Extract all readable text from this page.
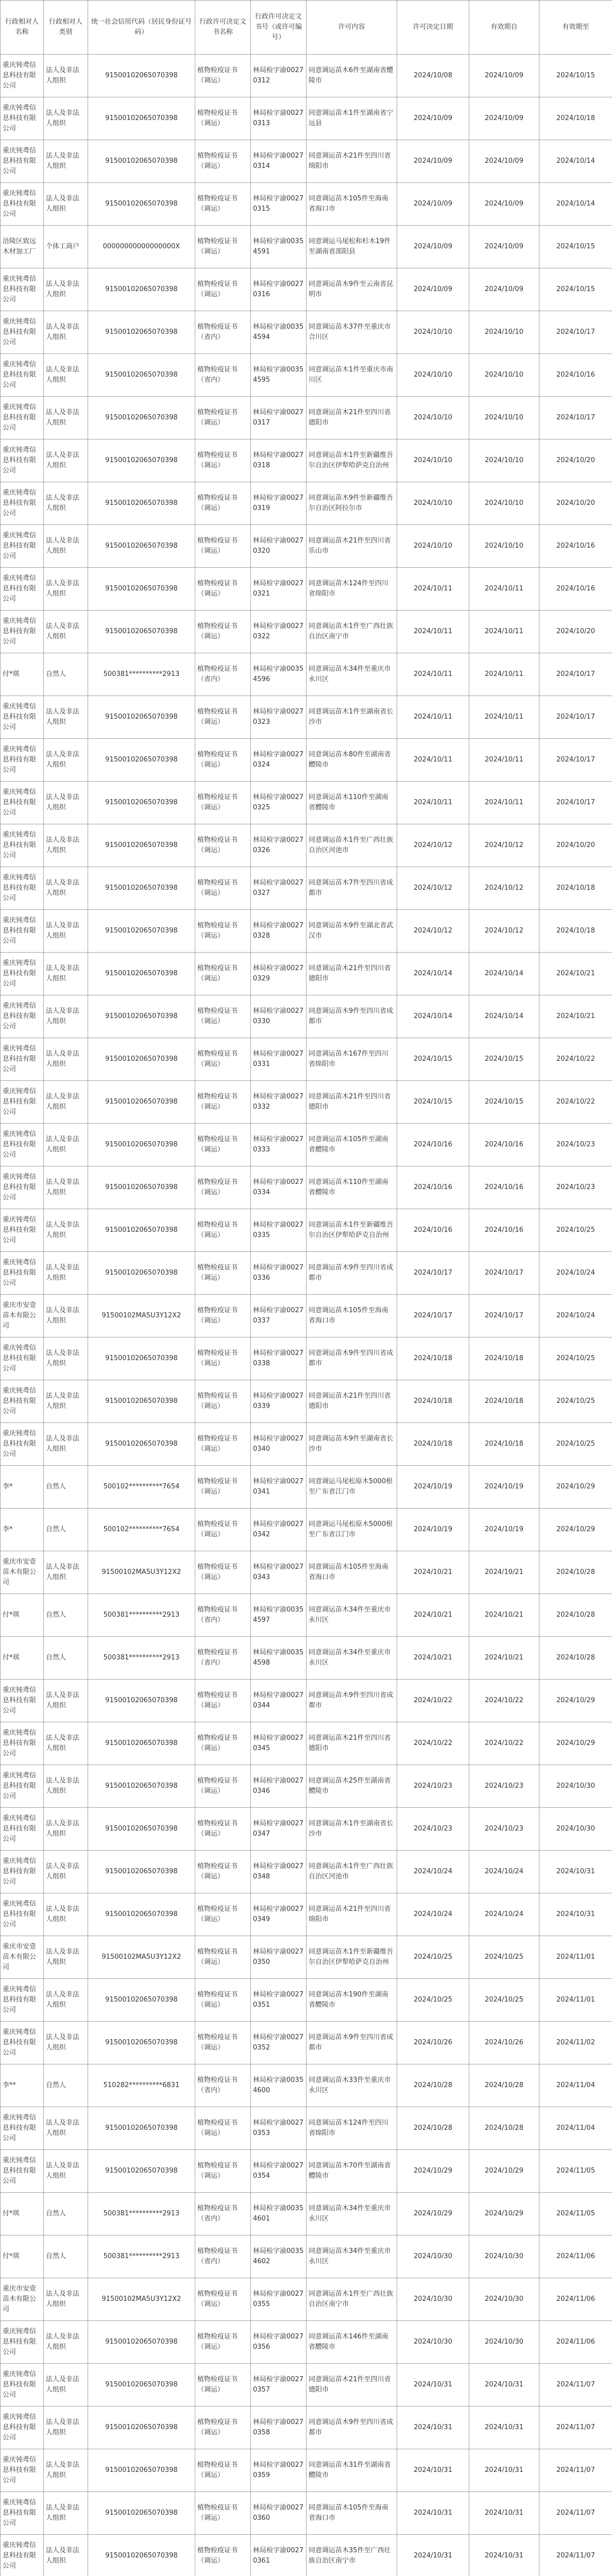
行政相对人名称	行政相对人类别	统一社会信用代码（居民身份证号码）	行政许可决定文书名称	行政许可决定文书号（或许可编号）	许可内容	许可决定日期	有效期自	有效期至
重庆钝鸢信息科技有限公司	法人及非法人组织	91500102065070398	植物检疫证书（调运）	林局检字渝00270312	同意调运苗木6件至湖南省醴陵市	2024/10/08	2024/10/09	2024/10/15
重庆钝鸢信息科技有限公司	法人及非法人组织	91500102065070398	植物检疫证书（调运）	林局检字渝00270313	同意调运苗木1件至湖南省宁远县	2024/10/09	2024/10/09	2024/10/18
重庆钝鸢信息科技有限公司	法人及非法人组织	91500102065070398	植物检疫证书（调运）	林局检字渝00270314	同意调运苗木21件至四川省绵阳市	2024/10/09	2024/10/09	2024/10/14
重庆钝鸢信息科技有限公司	法人及非法人组织	91500102065070398	植物检疫证书（调运）	林局检字渝00270315	同意调运苗木105件至海南省海口市	2024/10/09	2024/10/09	2024/10/14
涪陵区致远木材加工厂	个体工商户	00000000000000000X	植物检疫证书（调运）	林局检字渝00354591	同意调运马尾松和杉木19件至湖南省邵阳县	2024/10/09	2024/10/09	2024/10/15
重庆钝鸢信息科技有限公司	法人及非法人组织	91500102065070398	植物检疫证书（调运）	林局检字渝00270316	同意调运苗木9件至云南省昆明市	2024/10/09	2024/10/09	2024/10/15
重庆钝鸢信息科技有限公司	法人及非法人组织	91500102065070398	植物检疫证书（省内）	林局检字渝00354594	同意调运苗木37件至重庆市合川区	2024/10/10	2024/10/10	2024/10/17
重庆钝鸢信息科技有限公司	法人及非法人组织	91500102065070398	植物检疫证书（省内）	林局检字渝00354595	同意调运苗木1件至重庆市南川区	2024/10/10	2024/10/10	2024/10/16
重庆钝鸢信息科技有限公司	法人及非法人组织	91500102065070398	植物检疫证书（调运）	林局检字渝00270317	同意调运苗木21件至四川省德阳市	2024/10/10	2024/10/10	2024/10/17
重庆钝鸢信息科技有限公司	法人及非法人组织	91500102065070398	植物检疫证书（调运）	林局检字渝00270318	同意调运苗木1件至新疆维吾尔自治区伊犁哈萨克自治州	2024/10/10	2024/10/10	2024/10/20
重庆钝鸢信息科技有限公司	法人及非法人组织	91500102065070398	植物检疫证书（调运）	林局检字渝00270319	同意调运苗木9件至新疆维吾尔自治区阿拉尔市	2024/10/10	2024/10/10	2024/10/20
重庆钝鸢信息科技有限公司	法人及非法人组织	91500102065070398	植物检疫证书（调运）	林局检字渝00270320	同意调运苗木21件至四川省乐山市	2024/10/10	2024/10/10	2024/10/16
重庆钝鸢信息科技有限公司	法人及非法人组织	91500102065070398	植物检疫证书（调运）	林局检字渝00270321	同意调运苗木124件至四川省绵阳市	2024/10/11	2024/10/11	2024/10/16
重庆钝鸢信息科技有限公司	法人及非法人组织	91500102065070398	植物检疫证书（调运）	林局检字渝00270322	同意调运苗木1件至广西壮族自治区南宁市	2024/10/11	2024/10/11	2024/10/20
付*琪	自然人	500381**********2913	植物检疫证书（省内）	林局检字渝00354596	同意调运苗木34件至重庆市永川区	2024/10/11	2024/10/11	2024/10/17
重庆钝鸢信息科技有限公司	法人及非法人组织	91500102065070398	植物检疫证书（调运）	林局检字渝00270323	同意调运苗木1件至湖南省长沙市	2024/10/11	2024/10/11	2024/10/17
重庆钝鸢信息科技有限公司	法人及非法人组织	91500102065070398	植物检疫证书（调运）	林局检字渝00270324	同意调运苗木80件至湖南省醴陵市	2024/10/11	2024/10/11	2024/10/17
重庆钝鸢信息科技有限公司	法人及非法人组织	91500102065070398	植物检疫证书（调运）	林局检字渝00270325	同意调运苗木110件至湖南省醴陵市	2024/10/11	2024/10/11	2024/10/17
重庆钝鸢信息科技有限公司	法人及非法人组织	91500102065070398	植物检疫证书（调运）	林局检字渝00270326	同意调运苗木1件至广西壮族自治区河池市	2024/10/12	2024/10/12	2024/10/20
重庆钝鸢信息科技有限公司	法人及非法人组织	91500102065070398	植物检疫证书（调运）	林局检字渝00270327	同意调运苗木7件至四川省成都市	2024/10/12	2024/10/12	2024/10/18
重庆钝鸢信息科技有限公司	法人及非法人组织	91500102065070398	植物检疫证书（调运）	林局检字渝00270328	同意调运苗木9件至湖北省武汉市	2024/10/12	2024/10/12	2024/10/18
重庆钝鸢信息科技有限公司	法人及非法人组织	91500102065070398	植物检疫证书（调运）	林局检字渝00270329	同意调运苗木21件至四川省德阳市	2024/10/14	2024/10/14	2024/10/21
重庆钝鸢信息科技有限公司	法人及非法人组织	91500102065070398	植物检疫证书（调运）	林局检字渝00270330	同意调运苗木9件至四川省成都市	2024/10/14	2024/10/14	2024/10/21
重庆钝鸢信息科技有限公司	法人及非法人组织	91500102065070398	植物检疫证书（调运）	林局检字渝00270331	同意调运苗木167件至四川省绵阳市	2024/10/15	2024/10/15	2024/10/22
重庆钝鸢信息科技有限公司	法人及非法人组织	91500102065070398	植物检疫证书（调运）	林局检字渝00270332	同意调运苗木21件至四川省德阳市	2024/10/15	2024/10/15	2024/10/22
重庆钝鸢信息科技有限公司	法人及非法人组织	91500102065070398	植物检疫证书（调运）	林局检字渝00270333	同意调运苗木105件至湖南省醴陵市	2024/10/16	2024/10/16	2024/10/23
重庆钝鸢信息科技有限公司	法人及非法人组织	91500102065070398	植物检疫证书（调运）	林局检字渝00270334	同意调运苗木110件至湖南省醴陵市	2024/10/16	2024/10/16	2024/10/23
重庆钝鸢信息科技有限公司	法人及非法人组织	91500102065070398	植物检疫证书（调运）	林局检字渝00270335	同意调运苗木1件至新疆维吾尔自治区伊犁哈萨克自治州	2024/10/16	2024/10/16	2024/10/25
重庆钝鸢信息科技有限公司	法人及非法人组织	91500102065070398	植物检疫证书（调运）	林局检字渝00270336	同意调运苗木9件至四川省成都市	2024/10/17	2024/10/17	2024/10/24
重庆市安壹苗木有限公司	法人及非法人组织	91500102MA5U3Y12X2	植物检疫证书（调运）	林局检字渝00270337	同意调运苗木105件至海南省海口市	2024/10/17	2024/10/17	2024/10/24
重庆钝鸢信息科技有限公司	法人及非法人组织	91500102065070398	植物检疫证书（调运）	林局检字渝00270338	同意调运苗木9件至四川省成都市	2024/10/18	2024/10/18	2024/10/25
重庆钝鸢信息科技有限公司	法人及非法人组织	91500102065070398	植物检疫证书（调运）	林局检字渝00270339	同意调运苗木21件至四川省德阳市	2024/10/18	2024/10/18	2024/10/25
重庆钝鸢信息科技有限公司	法人及非法人组织	91500102065070398	植物检疫证书（调运）	林局检字渝00270340	同意调运苗木9件至湖南省长沙市	2024/10/18	2024/10/18	2024/10/25
李*	自然人	500102**********7654	植物检疫证书（调运）	林局检字渝00270341	同意调运马尾松原木5000根至广东省江门市	2024/10/19	2024/10/19	2024/10/29
李*	自然人	500102**********7654	植物检疫证书（调运）	林局检字渝00270342	同意调运马尾松原木5000根至广东省江门市	2024/10/19	2024/10/19	2024/10/29
重庆市安壹苗木有限公司	法人及非法人组织	91500102MA5U3Y12X2	植物检疫证书（调运）	林局检字渝00270343	同意调运苗木105件至海南省海口市	2024/10/21	2024/10/21	2024/10/28
付*琪	自然人	500381**********2913	植物检疫证书（省内）	林局检字渝00354597	同意调运苗木34件至重庆市永川区	2024/10/21	2024/10/21	2024/10/28
付*琪	自然人	500381**********2913	植物检疫证书（省内）	林局检字渝00354598	同意调运苗木34件至重庆市永川区	2024/10/21	2024/10/21	2024/10/28
重庆钝鸢信息科技有限公司	法人及非法人组织	91500102065070398	植物检疫证书（调运）	林局检字渝00270344	同意调运苗木9件至四川省成都市	2024/10/22	2024/10/22	2024/10/29
重庆钝鸢信息科技有限公司	法人及非法人组织	91500102065070398	植物检疫证书（调运）	林局检字渝00270345	同意调运苗木21件至四川省德阳市	2024/10/22	2024/10/22	2024/10/29
重庆钝鸢信息科技有限公司	法人及非法人组织	91500102065070398	植物检疫证书（调运）	林局检字渝00270346	同意调运苗木25件至湖南省醴陵市	2024/10/23	2024/10/23	2024/10/30
重庆钝鸢信息科技有限公司	法人及非法人组织	91500102065070398	植物检疫证书（调运）	林局检字渝00270347	同意调运苗木1件至湖南省长沙市	2024/10/23	2024/10/23	2024/10/30
重庆钝鸢信息科技有限公司	法人及非法人组织	91500102065070398	植物检疫证书（调运）	林局检字渝00270348	同意调运苗木1件至广西壮族自治区河池市	2024/10/24	2024/10/24	2024/10/31
重庆钝鸢信息科技有限公司	法人及非法人组织	91500102065070398	植物检疫证书（调运）	林局检字渝00270349	同意调运苗木21件至四川省绵阳市	2024/10/24	2024/10/24	2024/10/31
重庆市安壹苗木有限公司	法人及非法人组织	91500102MA5U3Y12X2	植物检疫证书（调运）	林局检字渝00270350	同意调运苗木1件至新疆维吾尔自治区伊犁哈萨克自治州	2024/10/25	2024/10/25	2024/11/01
重庆钝鸢信息科技有限公司	法人及非法人组织	91500102065070398	植物检疫证书（调运）	林局检字渝00270351	同意调运苗木190件至湖南省醴陵市	2024/10/25	2024/10/25	2024/11/01
重庆钝鸢信息科技有限公司	法人及非法人组织	91500102065070398	植物检疫证书（调运）	林局检字渝00270352	同意调运苗木9件至四川省成都市	2024/10/26	2024/10/26	2024/11/02
李**	自然人	510282**********6831	植物检疫证书（省内）	林局检字渝00354600	同意调运苗木33件至重庆市永川区	2024/10/28	2024/10/28	2024/11/04
重庆钝鸢信息科技有限公司	法人及非法人组织	91500102065070398	植物检疫证书（调运）	林局检字渝00270353	同意调运苗木124件至四川省绵阳市	2024/10/28	2024/10/28	2024/11/04
重庆钝鸢信息科技有限公司	法人及非法人组织	91500102065070398	植物检疫证书（调运）	林局检字渝00270354	同意调运苗木70件至湖南省醴陵市	2024/10/29	2024/10/29	2024/11/05
付*琪	自然人	500381**********2913	植物检疫证书（省内）	林局检字渝00354601	同意调运苗木34件至重庆市永川区	2024/10/29	2024/10/29	2024/11/05
付*琪	自然人	500381**********2913	植物检疫证书（省内）	林局检字渝00354602	同意调运苗木34件至重庆市永川区	2024/10/30	2024/10/30	2024/11/06
重庆市安壹苗木有限公司	法人及非法人组织	91500102MA5U3Y12X2	植物检疫证书（调运）	林局检字渝00270355	同意调运苗木1件至广西壮族自治区南宁市	2024/10/30	2024/10/30	2024/11/06
重庆钝鸢信息科技有限公司	法人及非法人组织	91500102065070398	植物检疫证书（调运）	林局检字渝00270356	同意调运苗木146件至湖南省醴陵市	2024/10/30	2024/10/30	2024/11/06
重庆钝鸢信息科技有限公司	法人及非法人组织	91500102065070398	植物检疫证书（调运）	林局检字渝00270357	同意调运苗木21件至四川省德阳市	2024/10/31	2024/10/31	2024/11/07
重庆钝鸢信息科技有限公司	法人及非法人组织	91500102065070398	植物检疫证书（调运）	林局检字渝00270358	同意调运苗木9件至四川省成都市	2024/10/31	2024/10/31	2024/11/07
重庆钝鸢信息科技有限公司	法人及非法人组织	91500102065070398	植物检疫证书（调运）	林局检字渝00270359	同意调运苗木31件至湖南省醴陵市	2024/10/31	2024/10/31	2024/11/07
重庆钝鸢信息科技有限公司	法人及非法人组织	91500102065070398	植物检疫证书（调运）	林局检字渝00270360	同意调运苗木105件至海南省海口市	2024/10/31	2024/10/31	2024/11/07
重庆钝鸢信息科技有限公司	法人及非法人组织	91500102065070398	植物检疫证书（调运）	林局检字渝00270361	同意调运苗木35件至广西壮族自治区南宁市	2024/10/31	2024/10/31	2024/11/07
